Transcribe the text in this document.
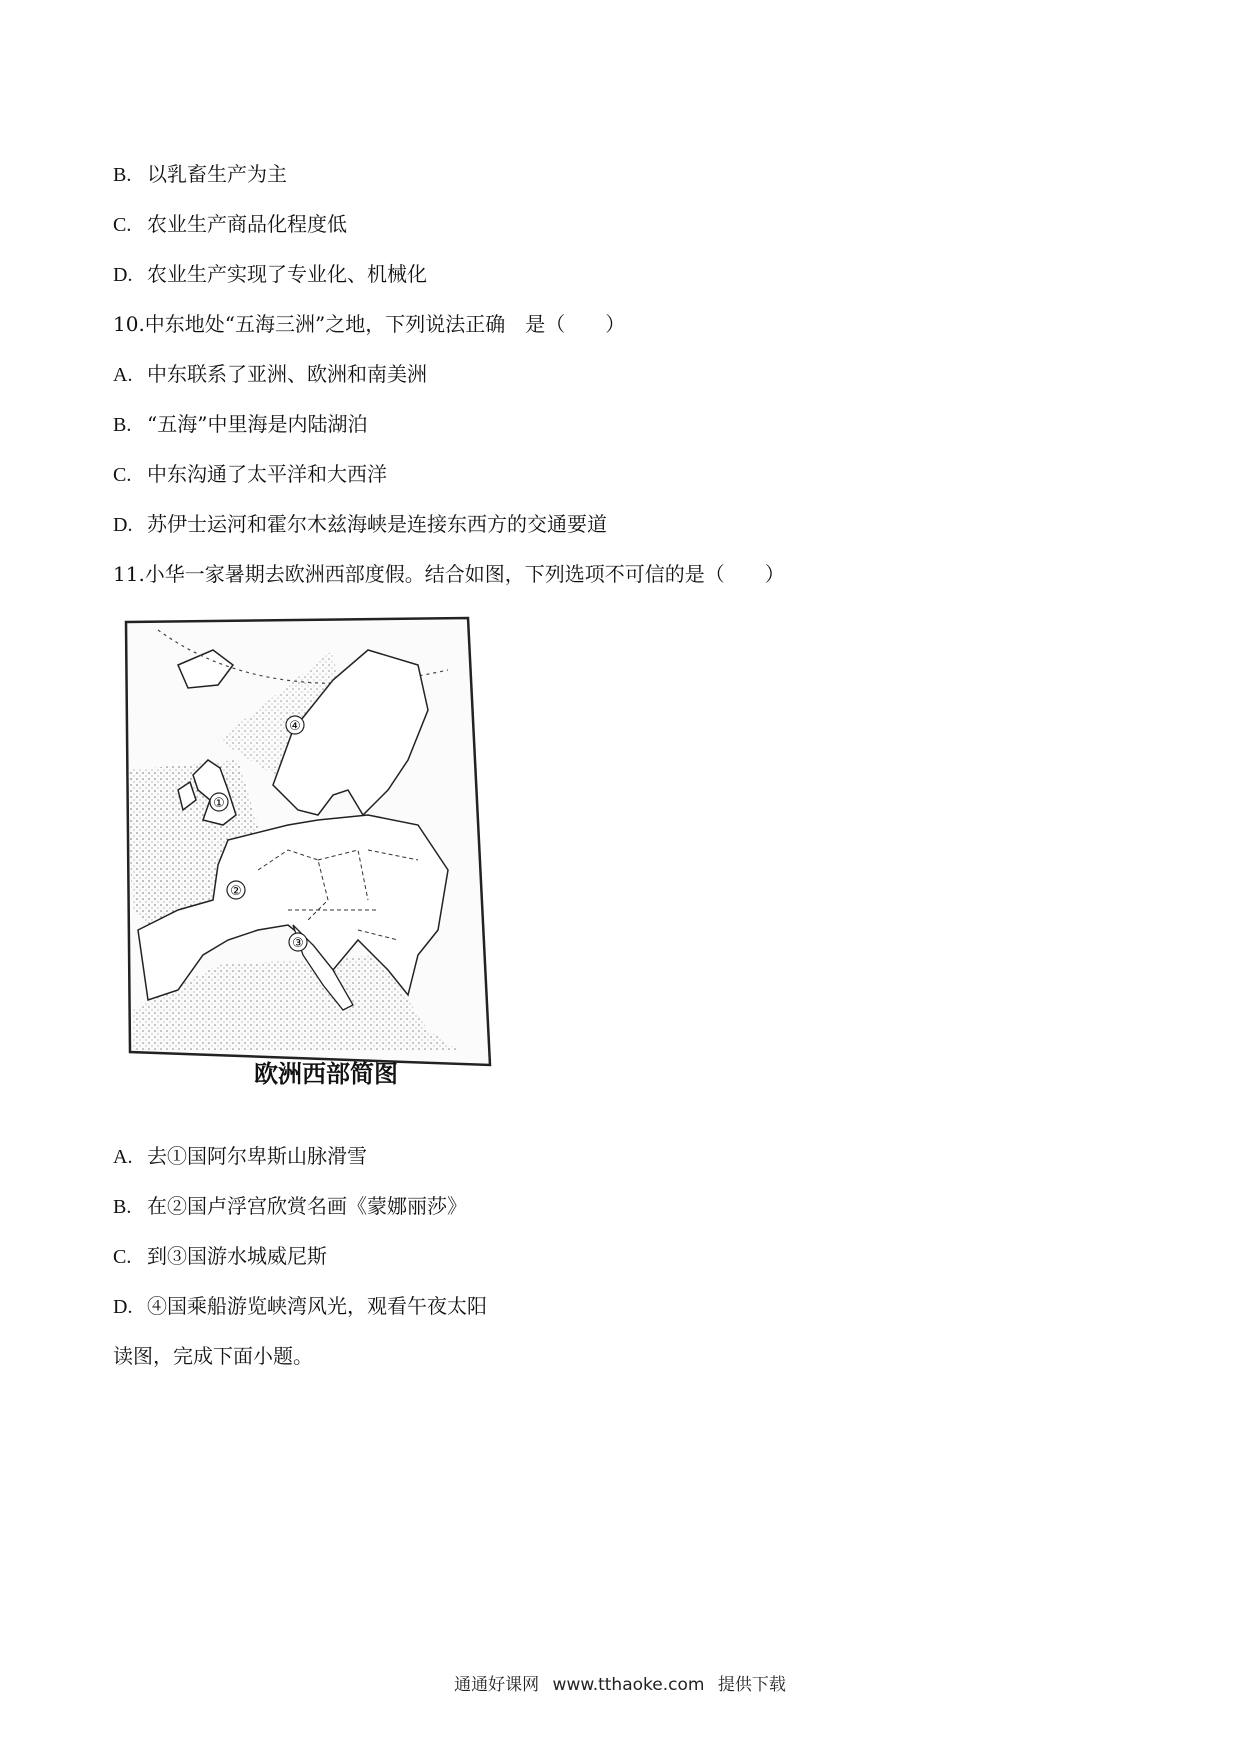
B. 以乳畜生产为主
C. 农业生产商品化程度低
D. 农业生产实现了专业化、机械化
10.中东地处“五海三洲”之地，下列说法正确　是（　　）
A. 中东联系了亚洲、欧洲和南美洲
B. “五海”中里海是内陆湖泊
C. 中东沟通了太平洋和大西洋
D. 苏伊士运河和霍尔木兹海峡是连接东西方的交通要道
11.小华一家暑期去欧洲西部度假。结合如图，下列选项不可信的是（　　）
①
②
③
④
欧洲西部简图
A. 去①国阿尔卑斯山脉滑雪
B. 在②国卢浮宫欣赏名画《蒙娜丽莎》
C. 到③国游水城威尼斯
D. ④国乘船游览峡湾风光，观看午夜太阳
读图，完成下面小题。
通通好课网 www.tthaoke.com 提供下载
